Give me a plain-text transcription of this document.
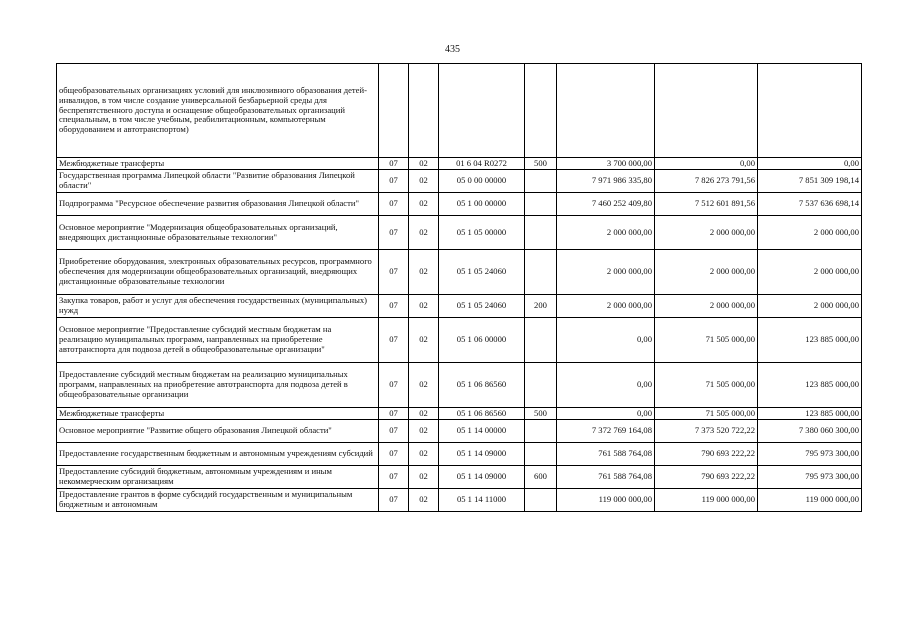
435
общеобразовательных организациях условий для инклюзивного образования детей-инвалидов, в том числе создание универсальной безбарьерной среды для беспрепятственного доступа и оснащение общеобразовательных организаций специальным, в том числе учебным, реабилитационным, компьютерным оборудованием и автотранспортом)							
Межбюджетные трансферты	07	02	01 6 04 R0272	500	3 700 000,00	0,00	0,00
Государственная программа Липецкой области "Развитие образования Липецкой области"	07	02	05 0 00 00000		7 971 986 335,80	7 826 273 791,56	7 851 309 198,14
Подпрограмма "Ресурсное обеспечение развития образования Липецкой области"	07	02	05 1 00 00000		7 460 252 409,80	7 512 601 891,56	7 537 636 698,14
Основное мероприятие "Модернизация общеобразовательных организаций, внедряющих дистанционные образовательные технологии"	07	02	05 1 05 00000		2 000 000,00	2 000 000,00	2 000 000,00
Приобретение оборудования, электронных образовательных ресурсов, программного обеспечения для модернизации общеобразовательных организаций, внедряющих дистанционные образовательные технологии	07	02	05 1 05 24060		2 000 000,00	2 000 000,00	2 000 000,00
Закупка товаров, работ и услуг для обеспечения государственных (муниципальных) нужд	07	02	05 1 05 24060	200	2 000 000,00	2 000 000,00	2 000 000,00
Основное мероприятие "Предоставление субсидий местным бюджетам на реализацию муниципальных программ, направленных на приобретение автотранспорта для подвоза детей в общеобразовательные организации"	07	02	05 1 06 00000		0,00	71 505 000,00	123 885 000,00
Предоставление субсидий местным бюджетам на реализацию муниципальных программ, направленных на приобретение автотранспорта для подвоза детей в общеобразовательные организации	07	02	05 1 06 86560		0,00	71 505 000,00	123 885 000,00
Межбюджетные трансферты	07	02	05 1 06 86560	500	0,00	71 505 000,00	123 885 000,00
Основное мероприятие "Развитие общего образования Липецкой области"	07	02	05 1 14 00000		7 372 769 164,08	7 373 520 722,22	7 380 060 300,00
Предоставление государственным бюджетным и автономным учреждениям субсидий	07	02	05 1 14 09000		761 588 764,08	790 693 222,22	795 973 300,00
Предоставление субсидий бюджетным, автономным учреждениям и иным некоммерческим организациям	07	02	05 1 14 09000	600	761 588 764,08	790 693 222,22	795 973 300,00
Предоставление грантов в форме субсидий государственным и муниципальным бюджетным и автономным	07	02	05 1 14 11000		119 000 000,00	119 000 000,00	119 000 000,00
